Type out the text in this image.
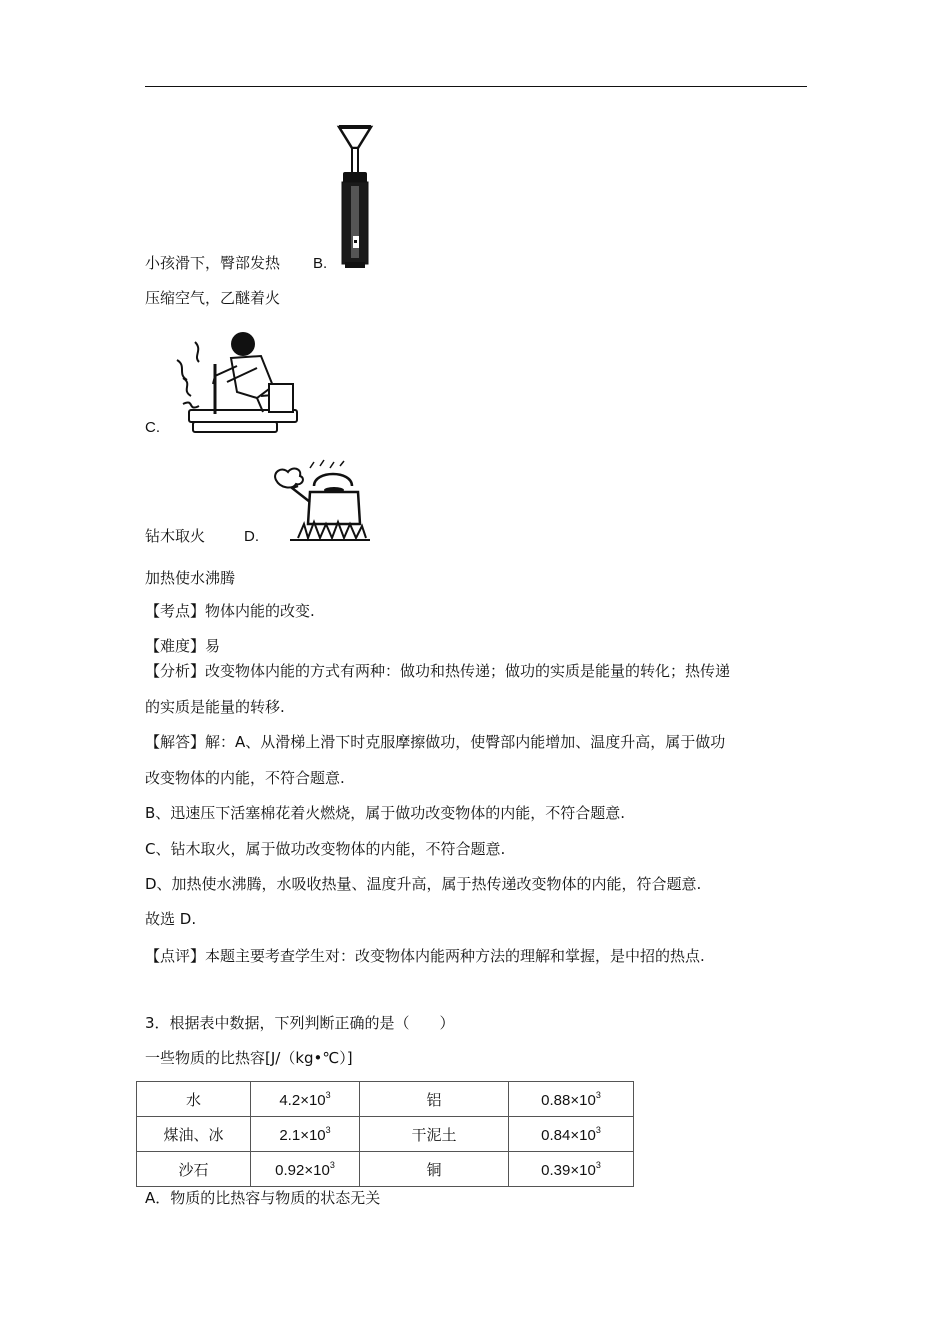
小孩滑下，臀部发热 B.
压缩空气，乙醚着火
C.
钻木取火	D.
加热使水沸腾
【考点】物体内能的改变.
【难度】易
【分析】改变物体内能的方式有两种：做功和热传递；做功的实质是能量的转化；热传递
的实质是能量的转移.
【解答】解：A、从滑梯上滑下时克服摩擦做功，使臀部内能增加、温度升高，属于做功
改变物体的内能，不符合题意.
B、迅速压下活塞棉花着火燃烧，属于做功改变物体的内能，不符合题意.
C、钻木取火，属于做功改变物体的内能，不符合题意.
D、加热使水沸腾，水吸收热量、温度升高，属于热传递改变物体的内能，符合题意.
故选 D.
【点评】本题主要考查学生对：改变物体内能两种方法的理解和掌握，是中招的热点.
3．根据表中数据，下列判断正确的是（　　）
一些物质的比热容[J/（kg•℃）]
水	$4.2\times 10^3$	铝	$0.88\times 10^3$
煤油、冰	$2.1\times 10^3$	干泥土	$0.84\times 10^3$
沙石	$0.92\times 10^3$	铜	$0.39\times 10^3$
A．物质的比热容与物质的状态无关
